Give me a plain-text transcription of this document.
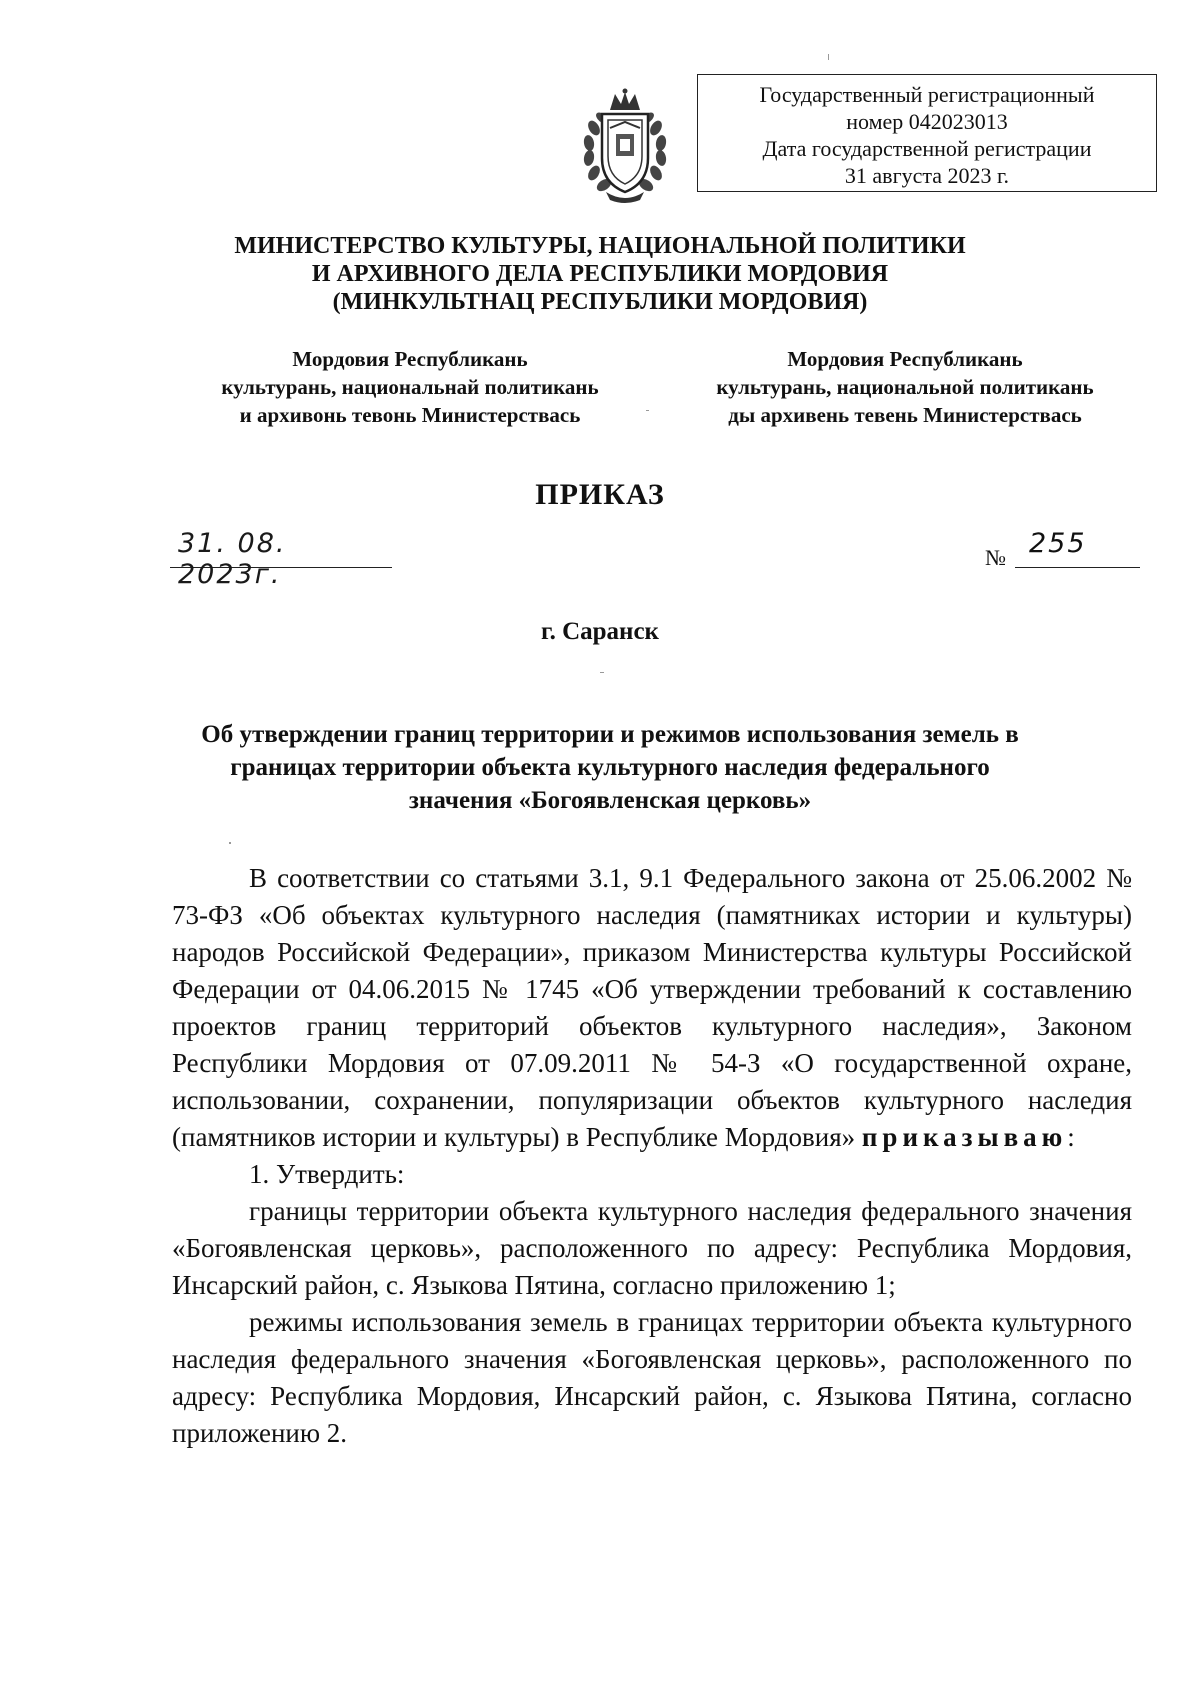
Государственный регистрационный
номер 042023013
Дата государственной регистрации
31 августа 2023 г.
МИНИСТЕРСТВО КУЛЬТУРЫ, НАЦИОНАЛЬНОЙ ПОЛИТИКИ
И АРХИВНОГО ДЕЛА РЕСПУБЛИКИ МОРДОВИЯ
(МИНКУЛЬТНАЦ РЕСПУБЛИКИ МОРДОВИЯ)
Мордовия Республикань
культурань, национальнай политикань
и архивонь тевонь Министерствась
Мордовия Республикань
культурань, национальной политикань
ды архивень тевень Министерствась
ПРИКАЗ
31. 08. 2023г.
№ 255
г. Саранск
Об утверждении границ территории и режимов использования земель в
границах территории объекта культурного наследия федерального
значения «Богоявленская церковь»

В соответствии со статьями 3.1, 9.1 Федерального закона от 25.06.2002 № 73-ФЗ «Об объектах культурного наследия (памятниках истории и культуры) народов Российской Федерации», приказом Министерства культуры Российской Федерации от 04.06.2015 № 1745 «Об утверждении требований к составлению проектов границ территорий объектов культурного наследия», Законом Республики Мордовия от 07.09.2011 № 54-З «О государственной охране, использовании, сохранении, популяризации объектов культурного наследия (памятников истории и культуры) в Республике Мордовия» приказываю:

1. Утвердить:

границы территории объекта культурного наследия федерального значения «Богоявленская церковь», расположенного по адресу: Республика Мордовия, Инсарский район, с. Языкова Пятина, согласно приложению 1;

режимы использования земель в границах территории объекта культурного наследия федерального значения «Богоявленская церковь», расположенного по адресу: Республика Мордовия, Инсарский район, с. Языкова Пятина, согласно приложению 2.
